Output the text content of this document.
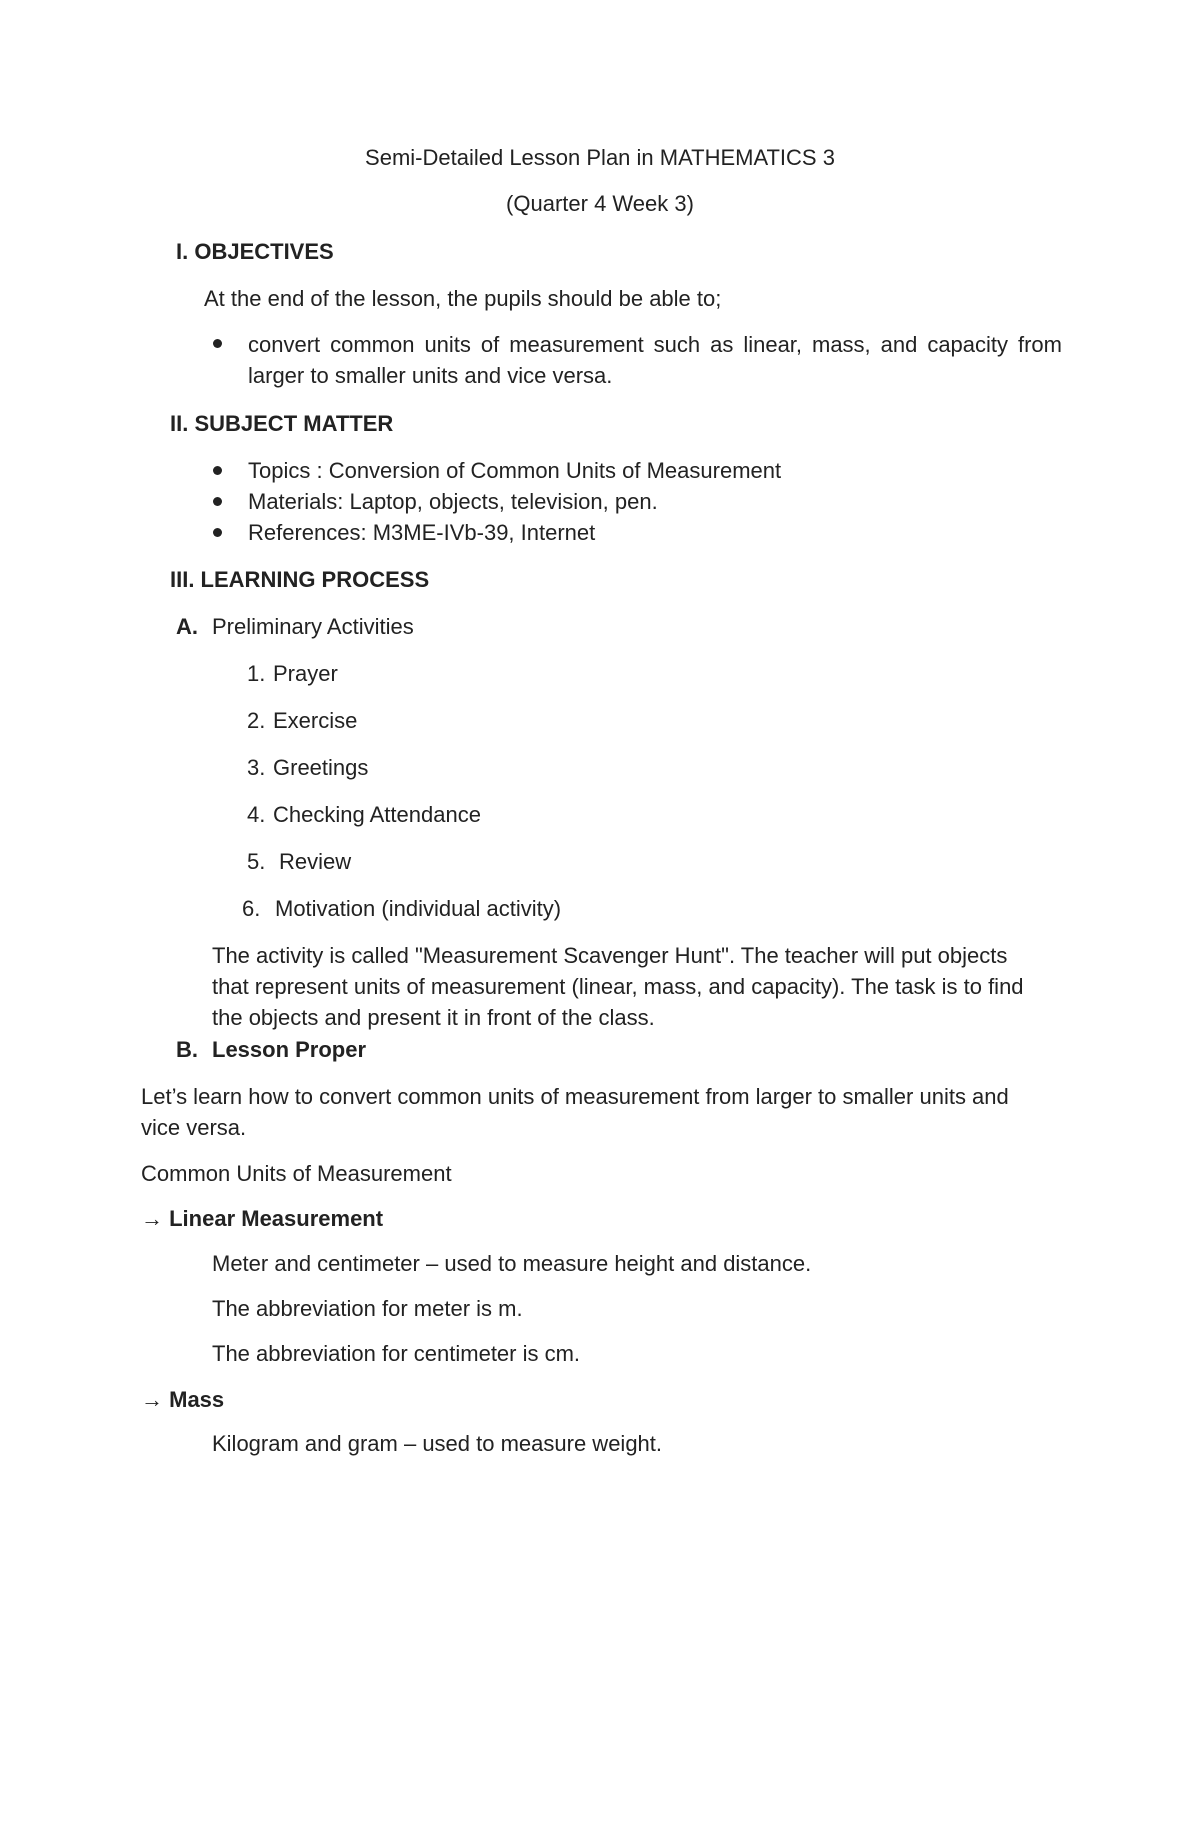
Semi-Detailed Lesson Plan in MATHEMATICS 3
(Quarter 4 Week 3)
I. OBJECTIVES
At the end of the lesson, the pupils should be able to;
convert common units of measurement such as linear, mass, and capacity from larger to smaller units and vice versa.
II. SUBJECT MATTER
Topics : Conversion of Common Units of Measurement
Materials: Laptop, objects, television, pen.
References: M3ME-IVb-39, Internet
III. LEARNING PROCESS
A. Preliminary Activities
1. Prayer
2. Exercise
3. Greetings
4. Checking Attendance
5. Review
6. Motivation (individual activity)
The activity is called "Measurement Scavenger Hunt". The teacher will put objects that represent units of measurement (linear, mass, and capacity). The task is to find the objects and present it in front of the class.
B. Lesson Proper
Let’s learn how to convert common units of measurement from larger to smaller units and vice versa.
Common Units of Measurement
→ Linear Measurement
Meter and centimeter – used to measure height and distance.
The abbreviation for meter is m.
The abbreviation for centimeter is cm.
→ Mass
Kilogram and gram – used to measure weight.
